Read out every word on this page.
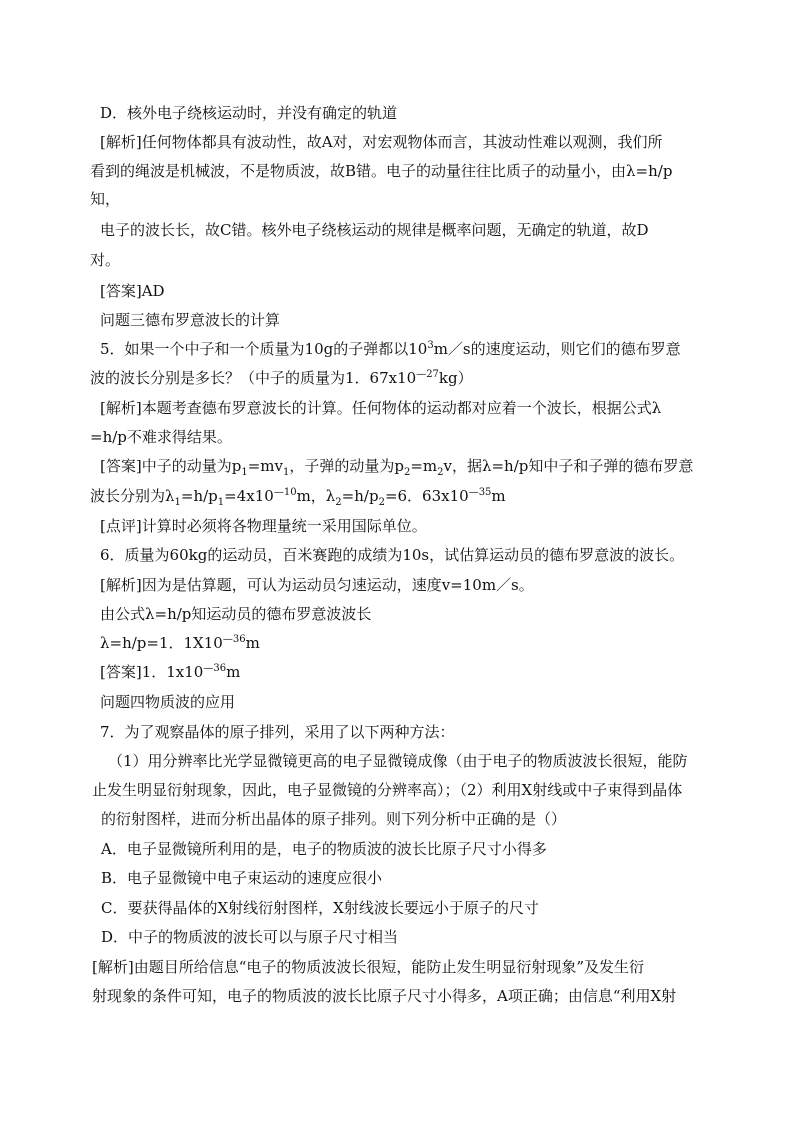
D．核外电子绕核运动时，并没有确定的轨道
[解析]任何物体都具有波动性，故A对，对宏观物体而言，其波动性难以观测，我们所
看到的绳波是机械波，不是物质波，故B错。电子的动量往往比质子的动量小，由λ=h/p
知，
电子的波长长，故C错。核外电子绕核运动的规律是概率问题，无确定的轨道，故D
对。
[答案]AD
问题三德布罗意波长的计算
5．如果一个中子和一个质量为10g的子弹都以$10^3m/s$的速度运动，则它们的德布罗意
波的波长分别是多长？（中子的质量为1．$67x10^{—27}kg$）
[解析]本题考查德布罗意波长的计算。任何物体的运动都对应着一个波长，根据公式λ
=h/p不难求得结果。
[答案]中子的动量为$p_1=mv_1$，子弹的动量为$p_2=m_2v$，据λ=h/p知中子和子弹的德布罗意
波长分别为$\lambda_1=h/p_1=4x10^{—10}m$，$\lambda_2=h/p_2=6$．$63x10^{—35}m$
[点评]计算时必须将各物理量统一采用国际单位。
6．质量为60kg的运动员，百米赛跑的成绩为10s，试估算运动员的德布罗意波的波长。
[解析]因为是估算题，可认为运动员匀速运动，速度v=10m／s。
由公式λ=h/p知运动员的德布罗意波波长
λ=h/p=1．$1X10^{—36}m$
[答案]1．$1x10^{—36}m$
问题四物质波的应用
7．为了观察晶体的原子排列，采用了以下两种方法：
（1）用分辨率比光学显微镜更高的电子显微镜成像（由于电子的物质波波长很短，能防
止发生明显衍射现象，因此，电子显微镜的分辨率高）；（2）利用X射线或中子束得到晶体
的衍射图样，进而分析出晶体的原子排列。则下列分析中正确的是（）
A．电子显微镜所利用的是，电子的物质波的波长比原子尺寸小得多
B．电子显微镜中电子束运动的速度应很小
C．要获得晶体的X射线衍射图样，X射线波长要远小于原子的尺寸
D．中子的物质波的波长可以与原子尺寸相当
[解析]由题目所给信息“电子的物质波波长很短，能防止发生明显衍射现象”及发生衍
射现象的条件可知，电子的物质波的波长比原子尺寸小得多，A项正确；由信息“利用X射
